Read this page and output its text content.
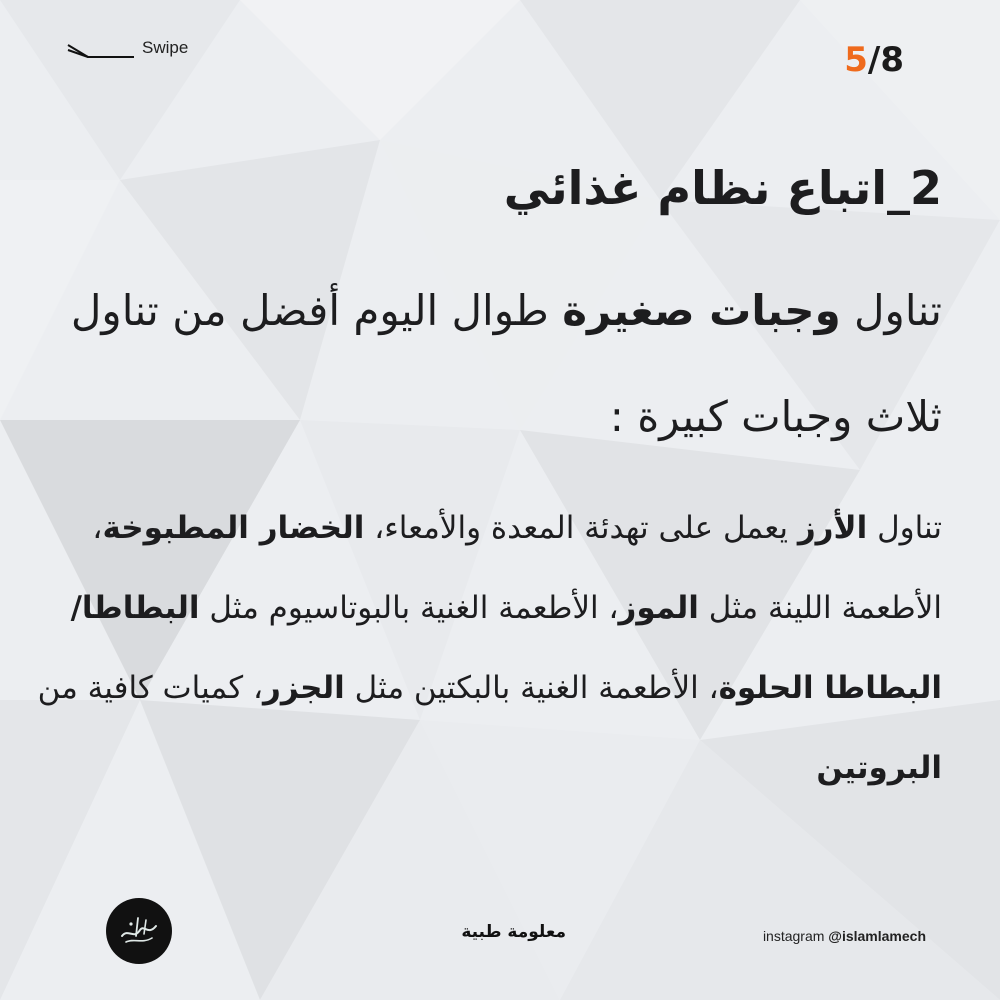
Swipe	5/8
2_اتباع نظام غذائي
تناول وجبات صغيرة طوال اليوم أفضل من تناول ثلاث وجبات كبيرة :
تناول الأرز يعمل على تهدئة المعدة والأمعاء، الخضار المطبوخة، الأطعمة اللينة مثل الموز، الأطعمة الغنية بالبوتاسيوم مثل البطاطا/البطاطا الحلوة، الأطعمة الغنية بالبكتين مثل الجزر، كميات كافية من البروتين
معلومة طبية	instagram @islamlamech
